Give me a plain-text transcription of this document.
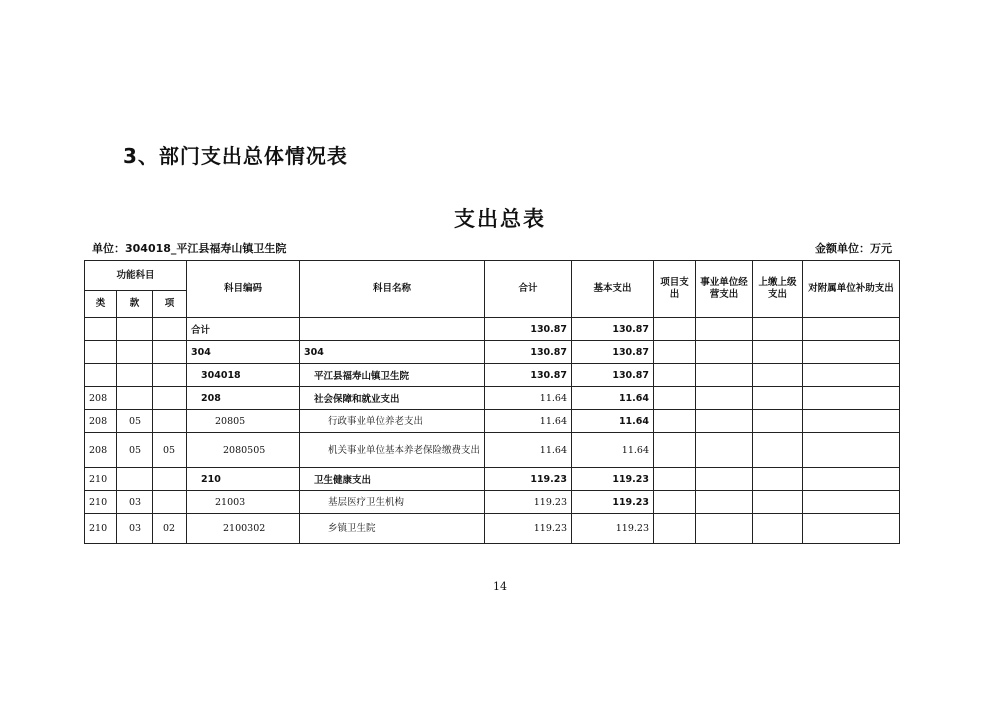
3、部门支出总体情况表
支出总表
单位：304018_平江县福寿山镇卫生院	金额单位：万元
功能科目			科目编码	科目名称	合计	基本支出	项目支出	事业单位经营支出	上缴上级支出	对附属单位补助支出
类	款	项								
			合计		130.87	130.87				
			304	304	130.87	130.87				
			304018	平江县福寿山镇卫生院	130.87	130.87				
208			208	社会保障和就业支出	11.64	11.64				
208	05		20805	行政事业单位养老支出	11.64	11.64				
208	05	05	2080505	机关事业单位基本养老保险缴费支出	11.64	11.64				
210			210	卫生健康支出	119.23	119.23				
210	03		21003	基层医疗卫生机构	119.23	119.23				
210	03	02	2100302	乡镇卫生院	119.23	119.23				
14
